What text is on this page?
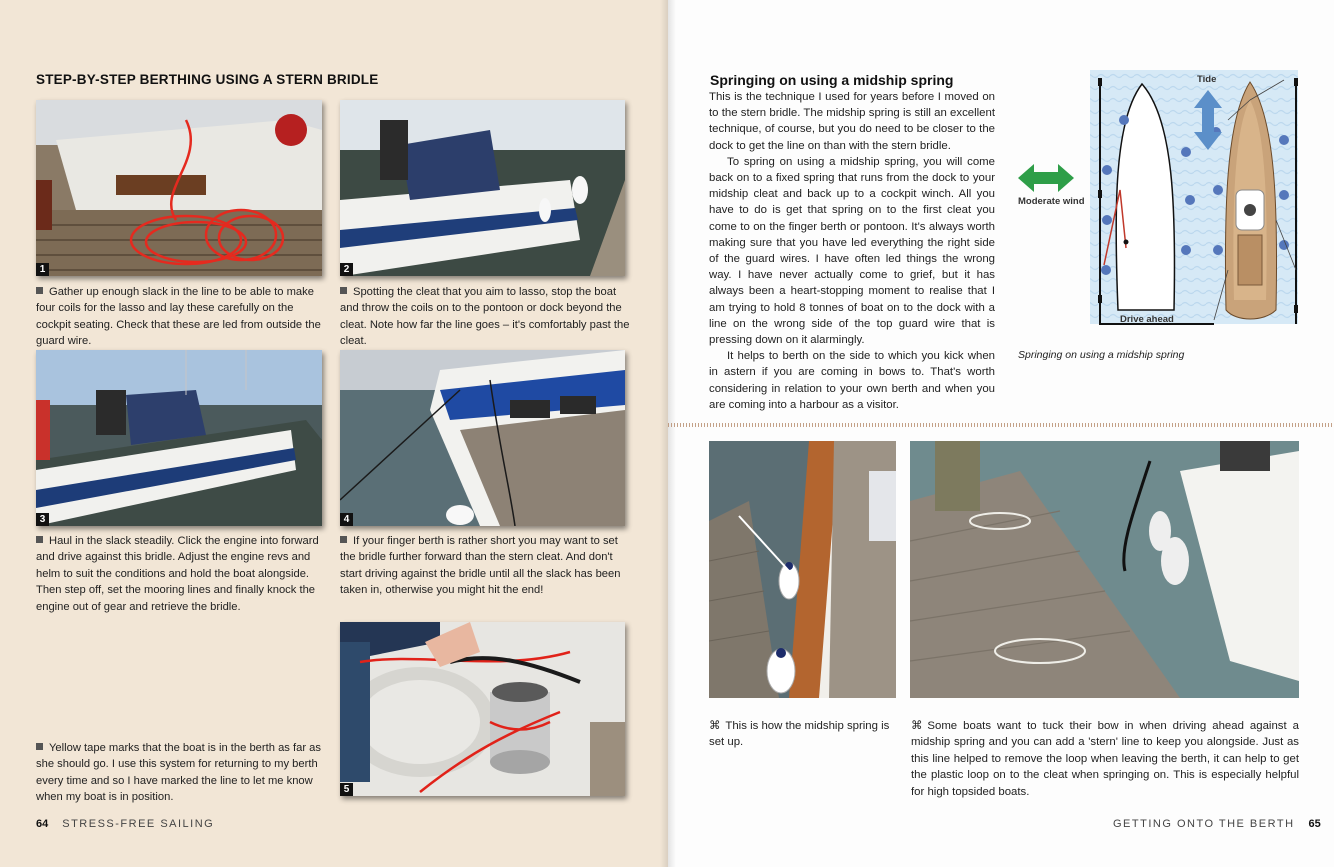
STEP-BY-STEP BERTHING USING A STERN BRIDLE
1
Gather up enough slack in the line to be able to make four coils for the lasso and lay these carefully on the cockpit seating. Check that these are led from outside the guard wire.
2
Spotting the cleat that you aim to lasso, stop the boat and throw the coils on to the pontoon or dock beyond the cleat. Note how far the line goes – it's comfortably past the cleat.
3
Haul in the slack steadily. Click the engine into forward and drive against this bridle. Adjust the engine revs and helm to suit the conditions and hold the boat alongside. Then step off, set the mooring lines and finally knock the engine out of gear and retrieve the bridle.
4
If your finger berth is rather short you may want to set the bridle further forward than the stern cleat. And don't start driving against the bridle until all the slack has been taken in, otherwise you might hit the end!
5
Yellow tape marks that the boat is in the berth as far as she should go. I use this system for returning to my berth every time and so I have marked the line to let me know when my boat is in position.
64 STRESS-FREE SAILING
Springing on using a midship spring

This is the technique I used for years before I moved on to the stern bridle. The midship spring is still an excellent technique, of course, but you do need to be closer to the dock to get the line on than with the stern bridle.

To spring on using a midship spring, you will come back on to a fixed spring that runs from the dock to your midship cleat and back up to a cockpit winch. All you have to do is get that spring on to the first cleat you come to on the finger berth or pontoon. It's always worth making sure that you have led everything the right side of the guard wires. I have often led things the wrong way. I have never actually come to grief, but it has always been a heart-stopping moment to realise that I am trying to hold 8 tonnes of boat on to the dock with a line on the wrong side of the top guard wire that is pressing down on it alarmingly.

It helps to berth on the side to which you kick when in astern if you are coming in bows to. That's worth considering in relation to your own berth and when you are coming into a harbour as a visitor.

Tide
Moderate wind
Drive ahead
Springing on using a midship spring
⌘ This is how the midship spring is set up.
⌘ Some boats want to tuck their bow in when driving ahead against a midship spring and you can add a 'stern' line to keep you alongside. Just as this line helped to remove the loop when leaving the berth, it can help to get the plastic loop on to the cleat when springing on. This is especially helpful for high topsided boats.
GETTING ONTO THE BERTH 65
